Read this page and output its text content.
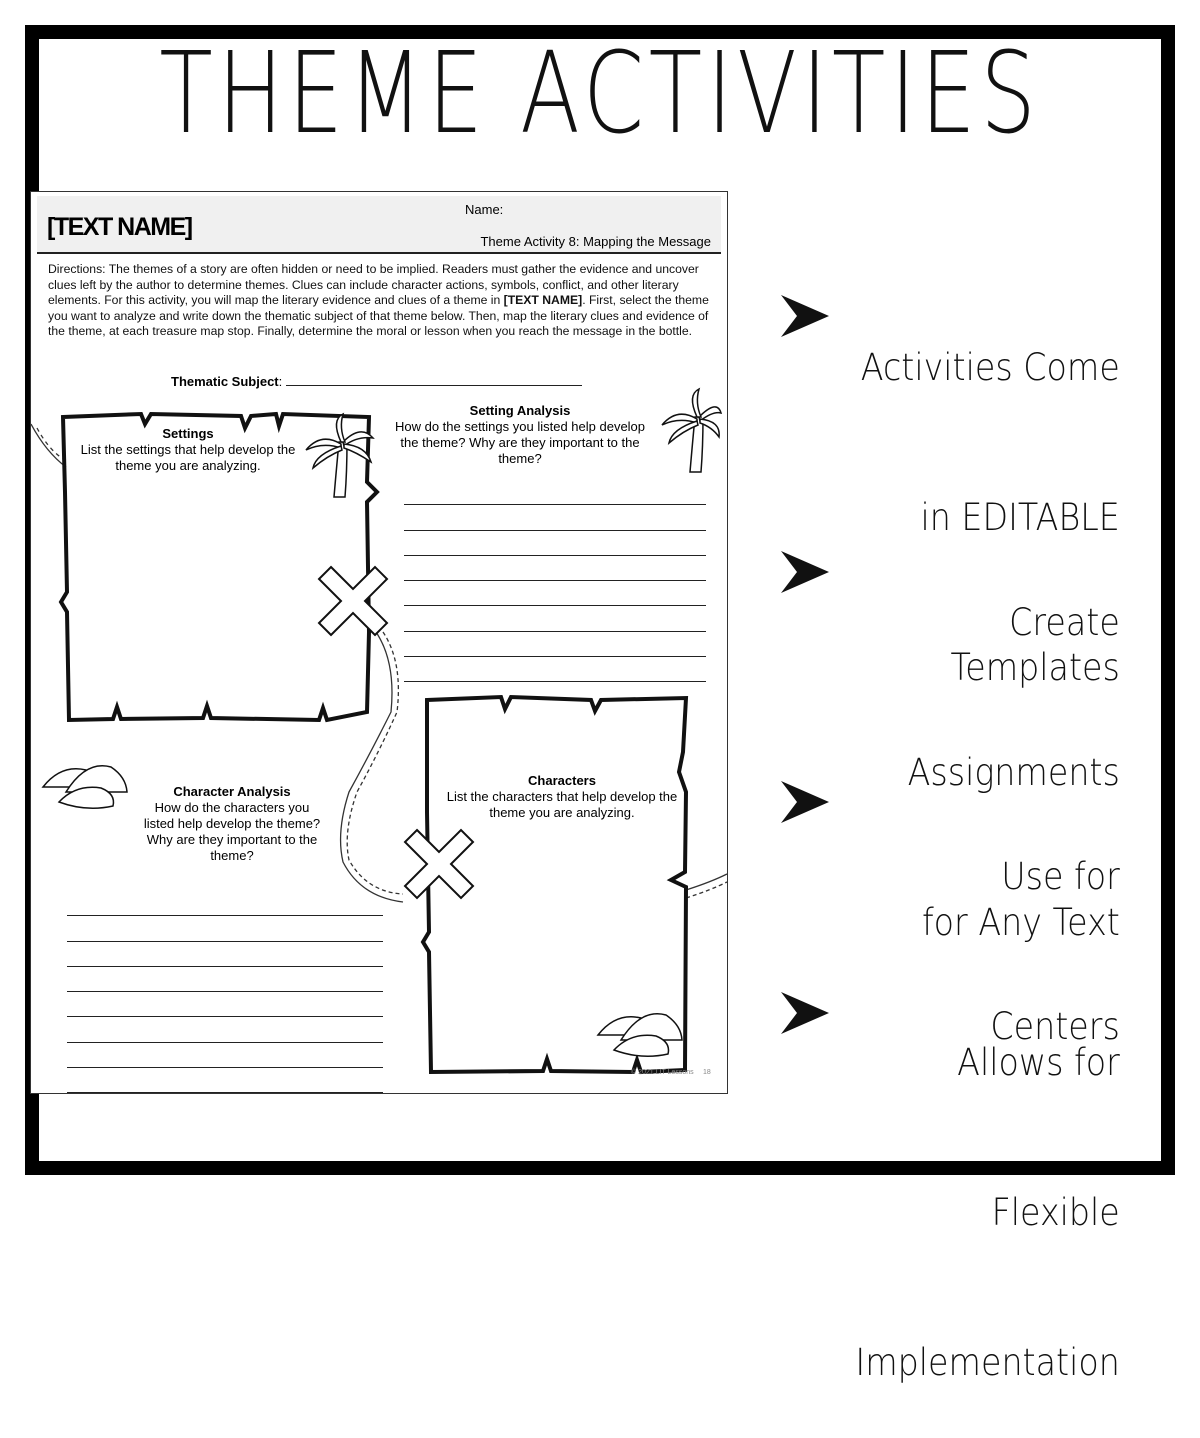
THEME ACTIVITIES
[TEXT NAME]
Name:
Theme Activity 8: Mapping the Message
Directions: The themes of a story are often hidden or need to be implied. Readers must gather the evidence and uncover clues left by the author to determine themes. Clues can include character actions, symbols, conflict, and other literary elements. For this activity, you will map the literary evidence and clues of a theme in [TEXT NAME]. First, select the theme you want to analyze and write down the thematic subject of that theme below. Then, map the literary clues and evidence of the theme, at each treasure map stop. Finally, determine the moral or lesson when you reach the message in the bottle.
Thematic Subject:
Settings
List the settings that help develop the theme you are analyzing.
Setting Analysis
How do the settings you listed help develop the theme? Why are they important to the theme?
Character Analysis
How do the characters you listed help develop the theme? Why are they important to the theme?
Characters
List the characters that help develop the theme you are analyzing.
© 2021 LIT Lessons 18

Activities Come

in EDITABLE

Templates

Create

Assignments

for Any Text

Use for

Centers

Allows for

Flexible

Implementation
